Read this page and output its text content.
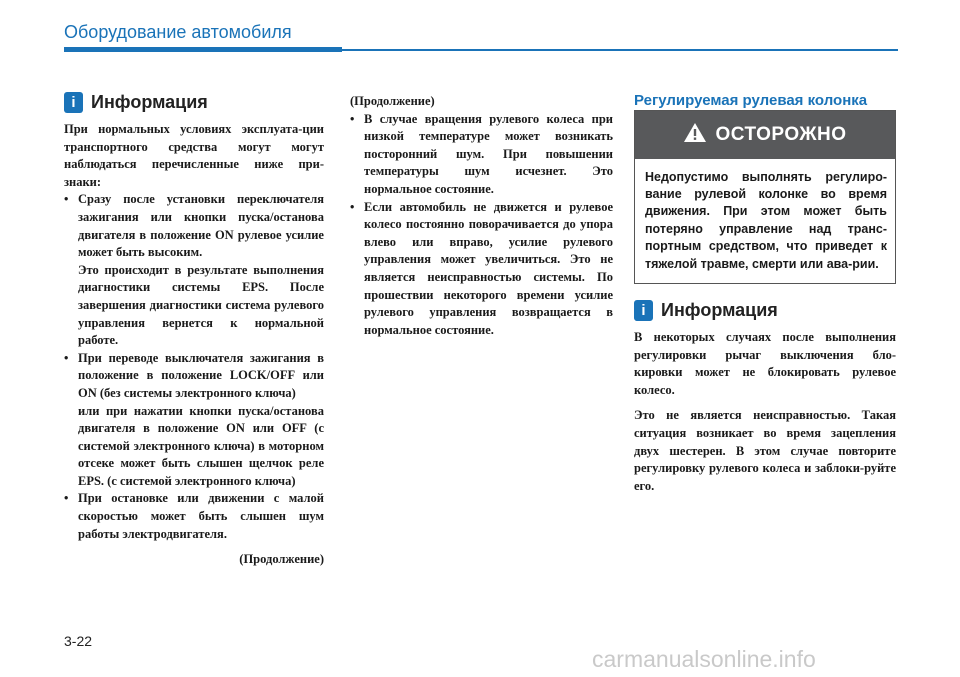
Оборудование автомобиля
i Информация

При нормальных условиях эксплуата-ции транспортного средства могут могут наблюдаться перечисленные ниже при-знаки:

• Сразу после установки переключателя зажигания или кнопки пуска/останова двигателя в положение ON рулевое усилие может быть высоким.

Это происходит в результате выполнения диагностики системы EPS. После завершения диагностики система рулевого управления вернется к нормальной работе.

• При переводе выключателя зажигания в положение в положение LOCK/OFF или ON (без системы электронного ключа)

или при нажатии кнопки пуска/останова двигателя в положение ON или OFF (с системой электронного ключа) в моторном отсеке может быть слышен щелчок реле EPS. (с системой электронного ключа)

• При остановке или движении с малой скоростью может быть слышен шум работы электродвигателя.

(Продолжение)

(Продолжение)

• В случае вращения рулевого колеса при низкой температуре может возникать посторонний шум. При повышении температуры шум исчезнет. Это нормальное состояние.

• Если автомобиль не движется и рулевое колесо постоянно поворачивается до упора влево или вправо, усилие рулевого управления может увеличиться. Это не является неисправностью системы. По прошествии некоторого времени усилие рулевого управления возвращается в нормальное состояние.

Регулируемая рулевая колонка

ОСТОРОЖНО
Недопустимо выполнять регулиро-вание рулевой колонке во время движения. При этом может быть потеряно управление над транс-портным средством, что приведет к тяжелой травме, смерти или ава-рии.
i Информация

В некоторых случаях после выполнения регулировки рычаг выключения бло-кировки может не блокировать рулевое колесо.

Это не является неисправностью. Такая ситуация возникает во время зацепления двух шестерен. В этом случае повторите регулировку рулевого колеса и заблоки-руйте его.

3-22
carmanualsonline.info
